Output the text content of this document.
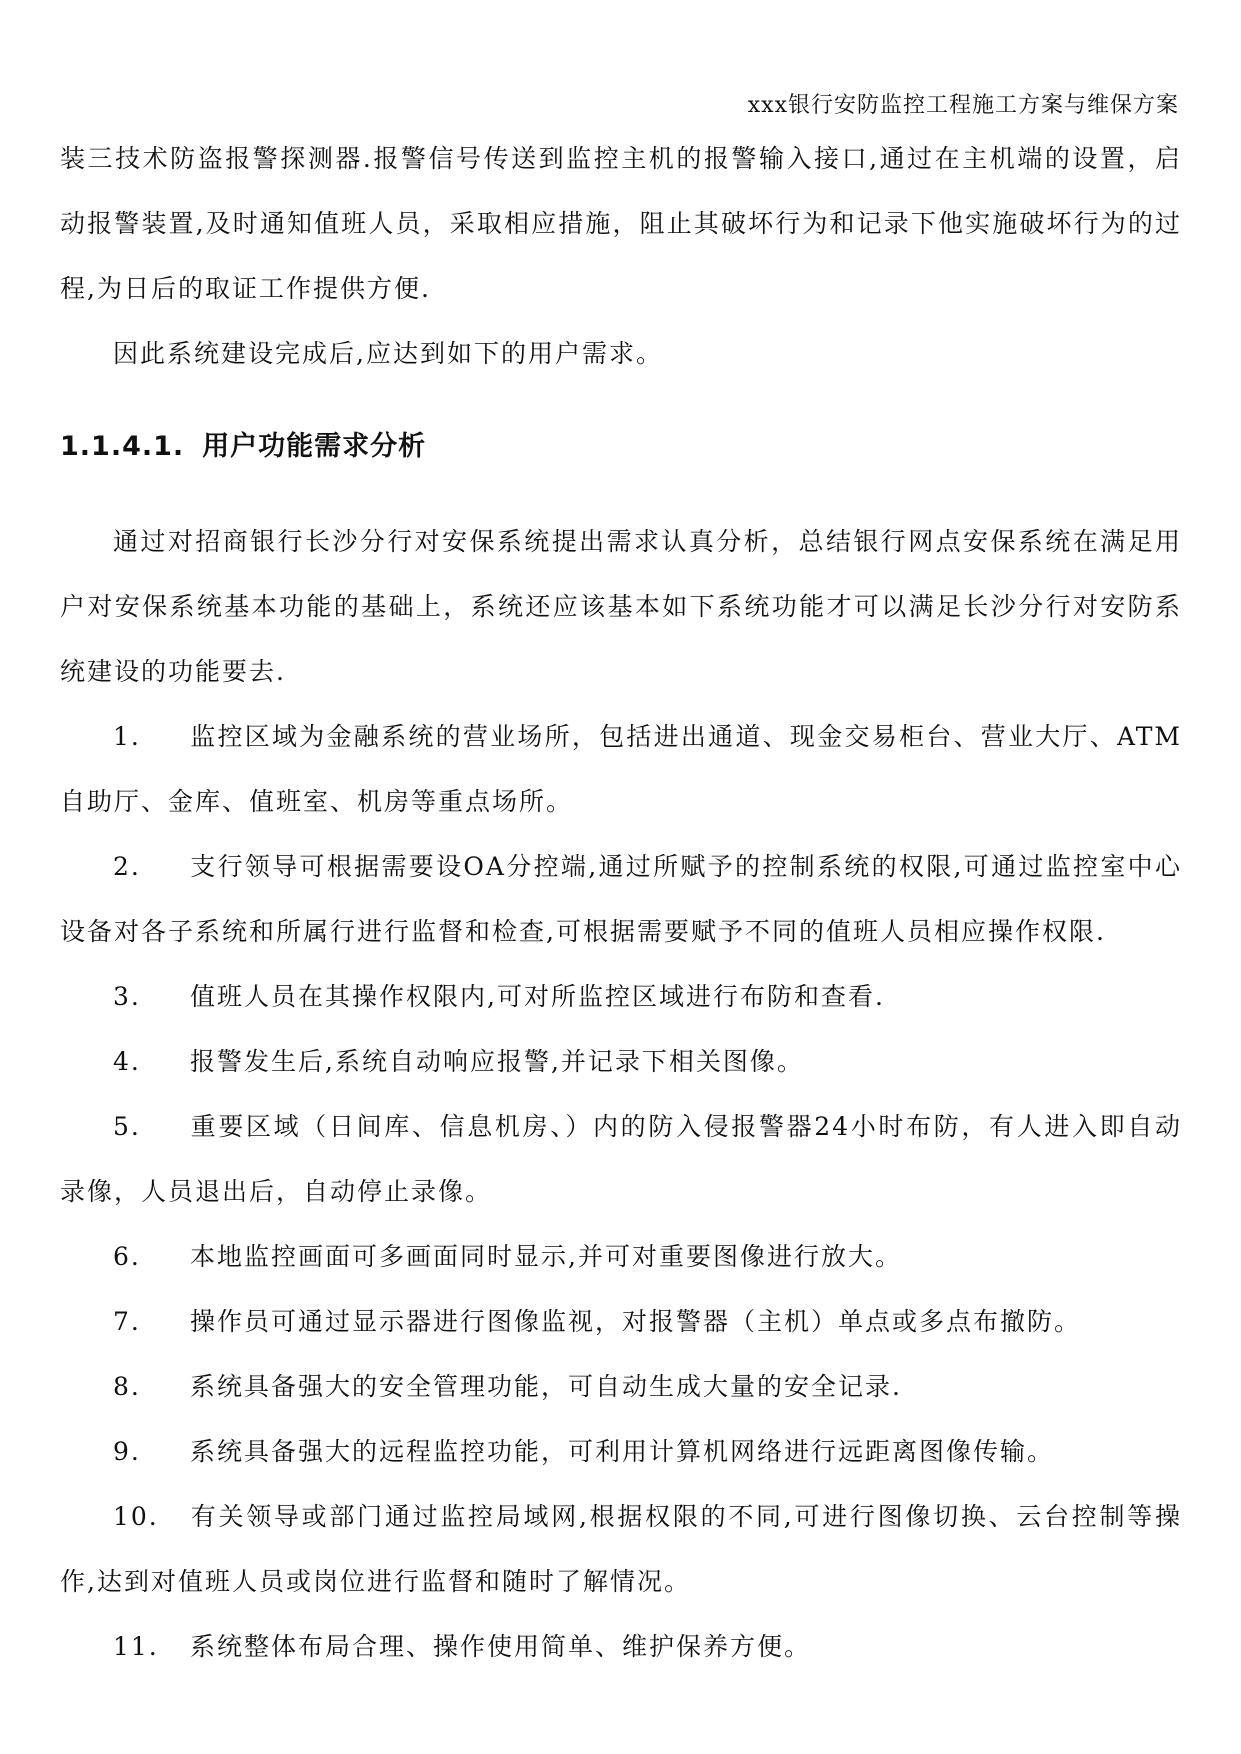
xxx银行安防监控工程施工方案与维保方案

装三技术防盗报警探测器.报警信号传送到监控主机的报警输入接口,通过在主机端的设置，启动报警装置,及时通知值班人员，采取相应措施，阻止其破坏行为和记录下他实施破坏行为的过程,为日后的取证工作提供方便.

因此系统建设完成后,应达到如下的用户需求。

1.1.4.1. 用户功能需求分析

通过对招商银行长沙分行对安保系统提出需求认真分析，总结银行网点安保系统在满足用户对安保系统基本功能的基础上，系统还应该基本如下系统功能才可以满足长沙分行对安防系统建设的功能要去.

1. 监控区域为金融系统的营业场所，包括进出通道、现金交易柜台、营业大厅、ATM自助厅、金库、值班室、机房等重点场所。

2. 支行领导可根据需要设OA分控端,通过所赋予的控制系统的权限,可通过监控室中心设备对各子系统和所属行进行监督和检查,可根据需要赋予不同的值班人员相应操作权限.

3. 值班人员在其操作权限内,可对所监控区域进行布防和查看.

4. 报警发生后,系统自动响应报警,并记录下相关图像。

5. 重要区域（日间库、信息机房、）内的防入侵报警器24小时布防，有人进入即自动录像，人员退出后，自动停止录像。

6. 本地监控画面可多画面同时显示,并可对重要图像进行放大。

7. 操作员可通过显示器进行图像监视，对报警器（主机）单点或多点布撤防。

8. 系统具备强大的安全管理功能，可自动生成大量的安全记录.

9. 系统具备强大的远程监控功能，可利用计算机网络进行远距离图像传输。

10. 有关领导或部门通过监控局域网,根据权限的不同,可进行图像切换、云台控制等操作,达到对值班人员或岗位进行监督和随时了解情况。

11. 系统整体布局合理、操作使用简单、维护保养方便。
